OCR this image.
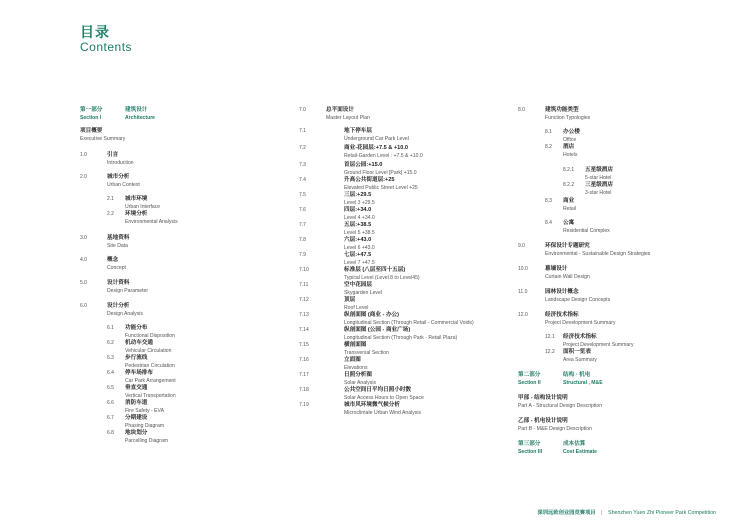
目录
Contents
第一部分
Section I
建筑设计
Architecture
项目概要
Executive Summary
1.0	引言
Introduction
2.0	城市分析
Urban Context
2.1 城市环境
Urban Interface
2.2 环境分析
Environmental Analysis
3.0	基地资料
Site Data
4.0	概念
Concept
5.0	设计资料
Design Parameter
6.0	设计分析
Design Analysis
6.1 功能分布
Functional Disposition
6.2 机动车交通
Vehicular Circulation
6.3 步行流线
Pedestrian Circulation
6.4 停车场排布
Car Park Arrangement
6.5 垂直交通
Vertical Transportation
6.6 消防车道
Fire Safety - EVA
6.7 分期建设
Phasing Diagram
6.8 地块划分
Parcelling Diagram
7.0	总平面设计
Master Layout Plan
7.1	地下停车层
Underground Car Park Level
7.2	商业-花园层:+7.5 & +10.0
Retail-Garden Level : +7.5 & +10.0
7.3	首层公园:+15.0
Ground Floor Level [Park] +15.0
7.4	升高公共街道层:+25
Elevated Public Street Level +25
7.5	三层:+29.5
Level 3 +29.5
7.6	四层:+34.0
Level 4 +34.0
7.7	五层:+38.5
Level 5 +38.5
7.8	六层:+43.0
Level 6 +43.0
7.9	七层:+47.5
Level 7 +47.5
7.10	标准层 (八层至四十五层)
Typical Level (Level 8 to Level45)
7.11	空中花园层
Skygarden Level
7.12	顶层
Roof Level
7.13	纵剖面图 (商业 - 办公)
Longitudinal Section (Through Retail - Commercial Voids)
7.14	纵剖面图 (公园 - 商业广场)
Longitudinal Section (Through Park - Retail Plaza)
7.15	横剖面图
Transversal Section
7.16	立面图
Elevations
7.17	日照分析图
Solar Analysis
7.18	公共空间日平均日照小时数
Solar Access Hours to Open Space
7.19	城市风环境微气候分析
Microclimate Urban Wind Analysis
8.0	建筑功能类型
Function Typologies
8.1 办公楼
Office
8.2 酒店
Hotels
8.2.1 五星级酒店
5-star Hotel
8.2.2 三星级酒店
3-star Hotel
8.3 商业
Retail
8.4 公寓
Residential Complex
9.0	环保设计专题研究
Environmental - Sustainable Design Strategies
10.0	幕墙设计
Curtain Wall Design
11.0	园林设计概念
Landscape Design Concepts
12.0	经济技术指标
Project Development Summary
12.1 经济技术指标
Project Development Summary
12.2 面积一览表
Area Summary
第二部分
Section II
结构 · 机电
Structural , M&E
甲部 - 结构设计说明
Part A - Structural Design Description
乙部 - 机电设计说明
Part B - M&E Design Description
第三部分
Section III
成本估算
Cost Estimate
深圳远致创业园竞赛项目 | Shenzhen Yuen Zhi Pioneer Park Competition
